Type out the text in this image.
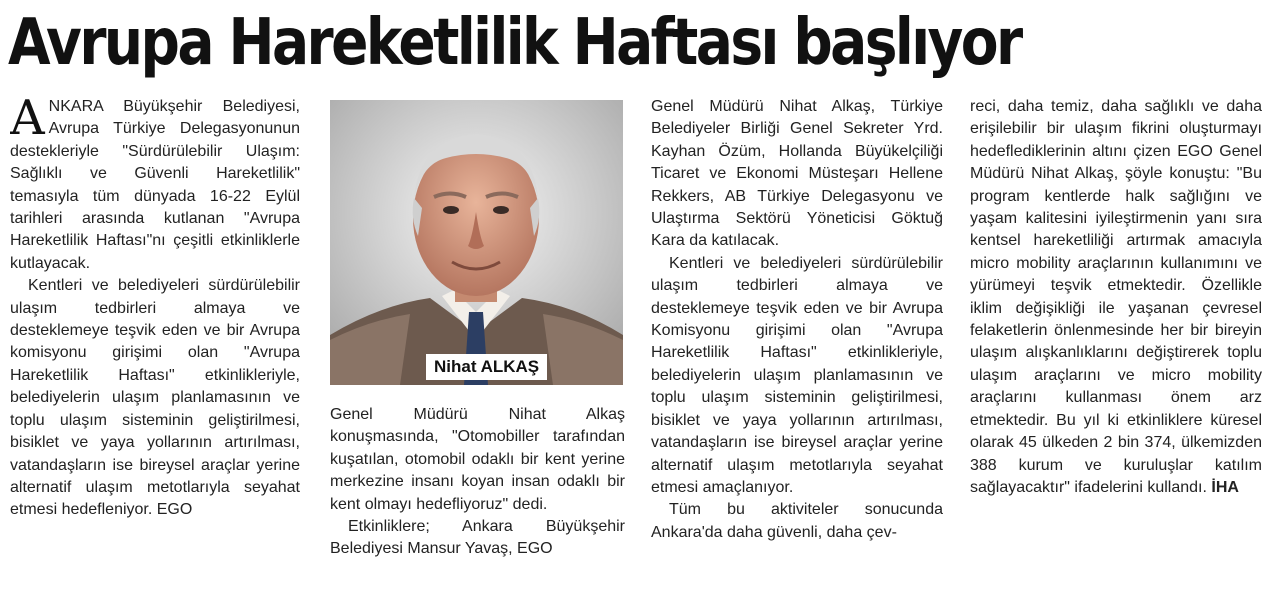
Avrupa Hareketlilik Haftası başlıyor

ANKARA Büyükşehir Belediyesi, Avrupa Türkiye Delegasyonunun destekleriyle "Sürdürülebilir Ulaşım: Sağlıklı ve Güvenli Hareketlilik" temasıyla tüm dünyada 16-22 Eylül tarihleri arasında kutlanan "Avrupa Hareketlilik Haftası"nı çeşitli etkinliklerle kutlayacak.

Kentleri ve belediyeleri sürdürülebilir ulaşım tedbirleri almaya ve desteklemeye teşvik eden ve bir Avrupa komisyonu girişimi olan "Avrupa Hareketlilik Haftası" etkinlikleriyle, belediyelerin ulaşım planlamasının ve toplu ulaşım sisteminin geliştirilmesi, bisiklet ve yaya yollarının artırılması, vatandaşların ise bireysel araçlar yerine alternatif ulaşım metotlarıyla seyahat etmesi hedefleniyor. EGO

Nihat ALKAŞ

Genel Müdürü Nihat Alkaş konuşmasında, "Otomobiller tarafından kuşatılan, otomobil odaklı bir kent yerine merkezine insanı koyan insan odaklı bir kent olmayı hedefliyoruz" dedi.

Etkinliklere; Ankara Büyükşehir Belediyesi Mansur Yavaş, EGO

Genel Müdürü Nihat Alkaş, Türkiye Belediyeler Birliği Genel Sekreter Yrd. Kayhan Özüm, Hollanda Büyükelçiliği Ticaret ve Ekonomi Müsteşarı Hellene Rekkers, AB Türkiye Delegasyonu ve Ulaştırma Sektörü Yöneticisi Göktuğ Kara da katılacak.

Kentleri ve belediyeleri sürdürülebilir ulaşım tedbirleri almaya ve desteklemeye teşvik eden ve bir Avrupa Komisyonu girişimi olan "Avrupa Hareketlilik Haftası" etkinlikleriyle, belediyelerin ulaşım planlamasının ve toplu ulaşım sisteminin geliştirilmesi, bisiklet ve yaya yollarının artırılması, vatandaşların ise bireysel araçlar yerine alternatif ulaşım metotlarıyla seyahat etmesi amaçlanıyor.

Tüm bu aktiviteler sonucunda Ankara'da daha güvenli, daha çev-

reci, daha temiz, daha sağlıklı ve daha erişilebilir bir ulaşım fikrini oluşturmayı hedeflediklerinin altını çizen EGO Genel Müdürü Nihat Alkaş, şöyle konuştu: "Bu program kentlerde halk sağlığını ve yaşam kalitesini iyileştirmenin yanı sıra kentsel hareketliliği artırmak amacıyla micro mobility araçlarının kullanımını ve yürümeyi teşvik etmektedir. Özellikle iklim değişikliği ile yaşanan çevresel felaketlerin önlenmesinde her bir bireyin ulaşım alışkanlıklarını değiştirerek toplu ulaşım araçlarını ve micro mobility araçlarını kullanması önem arz etmektedir. Bu yıl ki etkinliklere küresel olarak 45 ülkeden 2 bin 374, ülkemizden 388 kurum ve kuruluşlar katılım sağlayacaktır" ifadelerini kullandı. İHA
